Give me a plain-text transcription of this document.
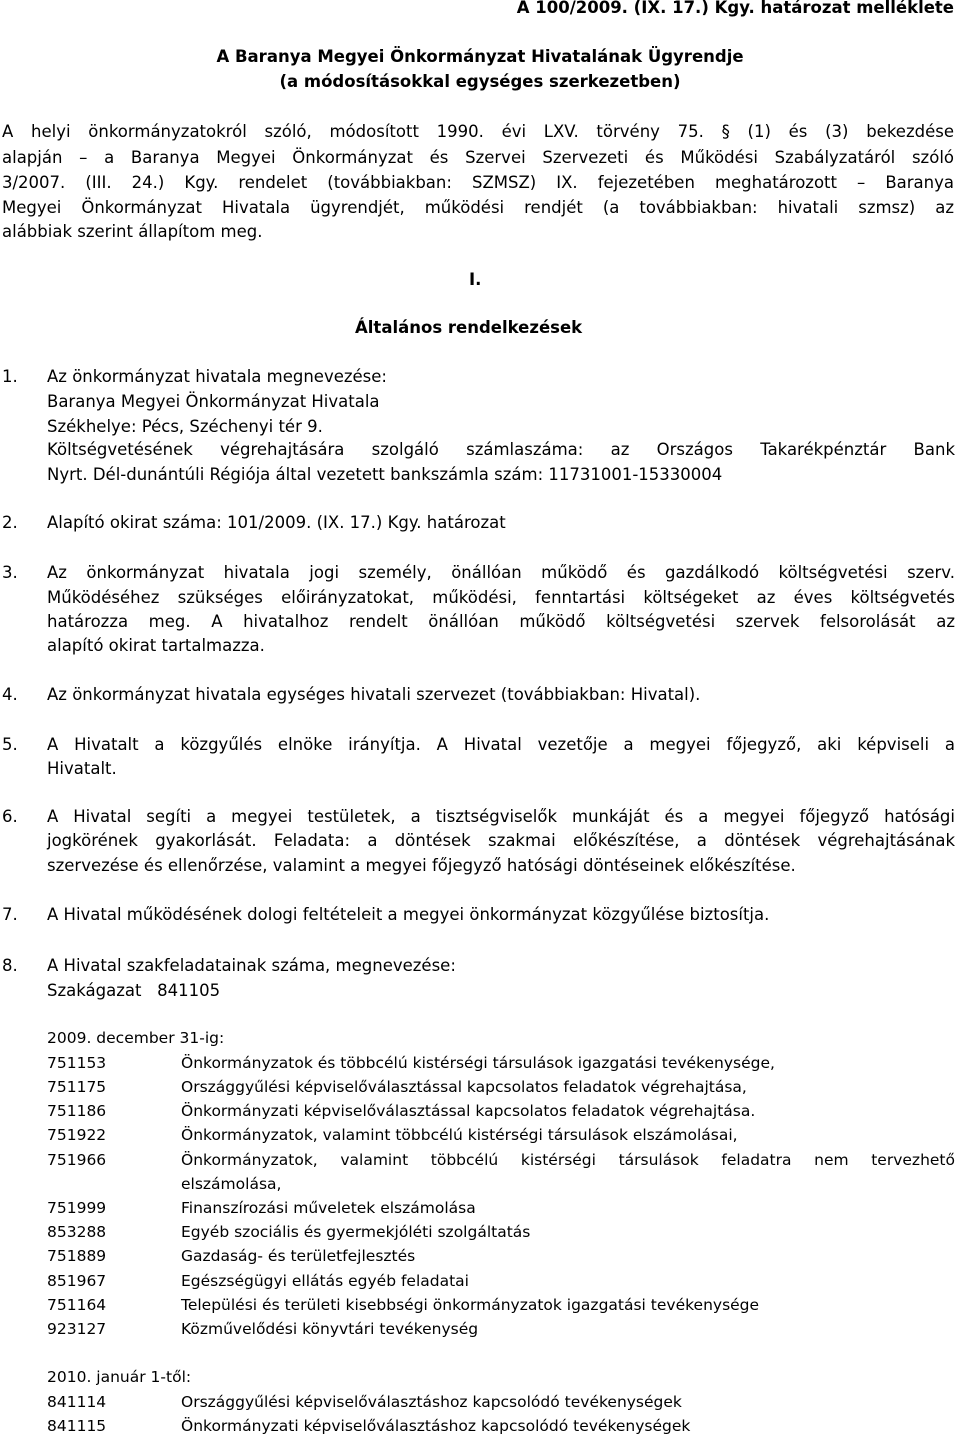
A 100/2009. (IX. 17.) Kgy. határozat melléklete
A Baranya Megyei Önkormányzat Hivatalának Ügyrendje
(a módosításokkal egységes szerkezetben)
A helyi önkormányzatokról szóló, módosított 1990. évi LXV. törvény 75. § (1) és (3) bekezdése
alapján – a Baranya Megyei Önkormányzat és Szervei Szervezeti és Működési Szabályzatáról szóló
3/2007. (III. 24.) Kgy. rendelet (továbbiakban: SZMSZ) IX. fejezetében meghatározott – Baranya
Megyei Önkormányzat Hivatala ügyrendjét, működési rendjét (a továbbiakban: hivatali szmsz) az
alábbiak szerint állapítom meg.
I.
Általános rendelkezések
1. Az önkormányzat hivatala megnevezése:
Baranya Megyei Önkormányzat Hivatala
Székhelye: Pécs, Széchenyi tér 9.
Költségvetésének végrehajtására szolgáló számlaszáma: az Országos Takarékpénztár Bank
Nyrt. Dél-dunántúli Régiója által vezetett bankszámla szám: 11731001-15330004
2. Alapító okirat száma: 101/2009. (IX. 17.) Kgy. határozat
3. Az önkormányzat hivatala jogi személy, önállóan működő és gazdálkodó költségvetési szerv.
Működéséhez szükséges előirányzatokat, működési, fenntartási költségeket az éves költségvetés
határozza meg. A hivatalhoz rendelt önállóan működő költségvetési szervek felsorolását az
alapító okirat tartalmazza.
4. Az önkormányzat hivatala egységes hivatali szervezet (továbbiakban: Hivatal).
5. A Hivatalt a közgyűlés elnöke irányítja. A Hivatal vezetője a megyei főjegyző, aki képviseli a
Hivatalt.
6. A Hivatal segíti a megyei testületek, a tisztségviselők munkáját és a megyei főjegyző hatósági
jogkörének gyakorlását. Feladata: a döntések szakmai előkészítése, a döntések végrehajtásának
szervezése és ellenőrzése, valamint a megyei főjegyző hatósági döntéseinek előkészítése.
7. A Hivatal működésének dologi feltételeit a megyei önkormányzat közgyűlése biztosítja.
8. A Hivatal szakfeladatainak száma, megnevezése:
Szakágazat   841105
2009. december 31-ig:
751153	Önkormányzatok és többcélú kistérségi társulások igazgatási tevékenysége,
751175	Országgyűlési képviselőválasztással kapcsolatos feladatok végrehajtása,
751186	Önkormányzati képviselőválasztással kapcsolatos feladatok végrehajtása.
751922	Önkormányzatok, valamint többcélú kistérségi társulások elszámolásai,
751966	Önkormányzatok, valamint többcélú kistérségi társulások feladatra nem tervezhető
elszámolása,
751999	Finanszírozási műveletek elszámolása
853288	Egyéb szociális és gyermekjóléti szolgáltatás
751889	Gazdaság- és területfejlesztés
851967	Egészségügyi ellátás egyéb feladatai
751164	Települési és területi kisebbségi önkormányzatok igazgatási tevékenysége
923127	Közművelődési könyvtári tevékenység
2010. január 1-től:
841114	Országgyűlési képviselőválasztáshoz kapcsolódó tevékenységek
841115	Önkormányzati képviselőválasztáshoz kapcsolódó tevékenységek
